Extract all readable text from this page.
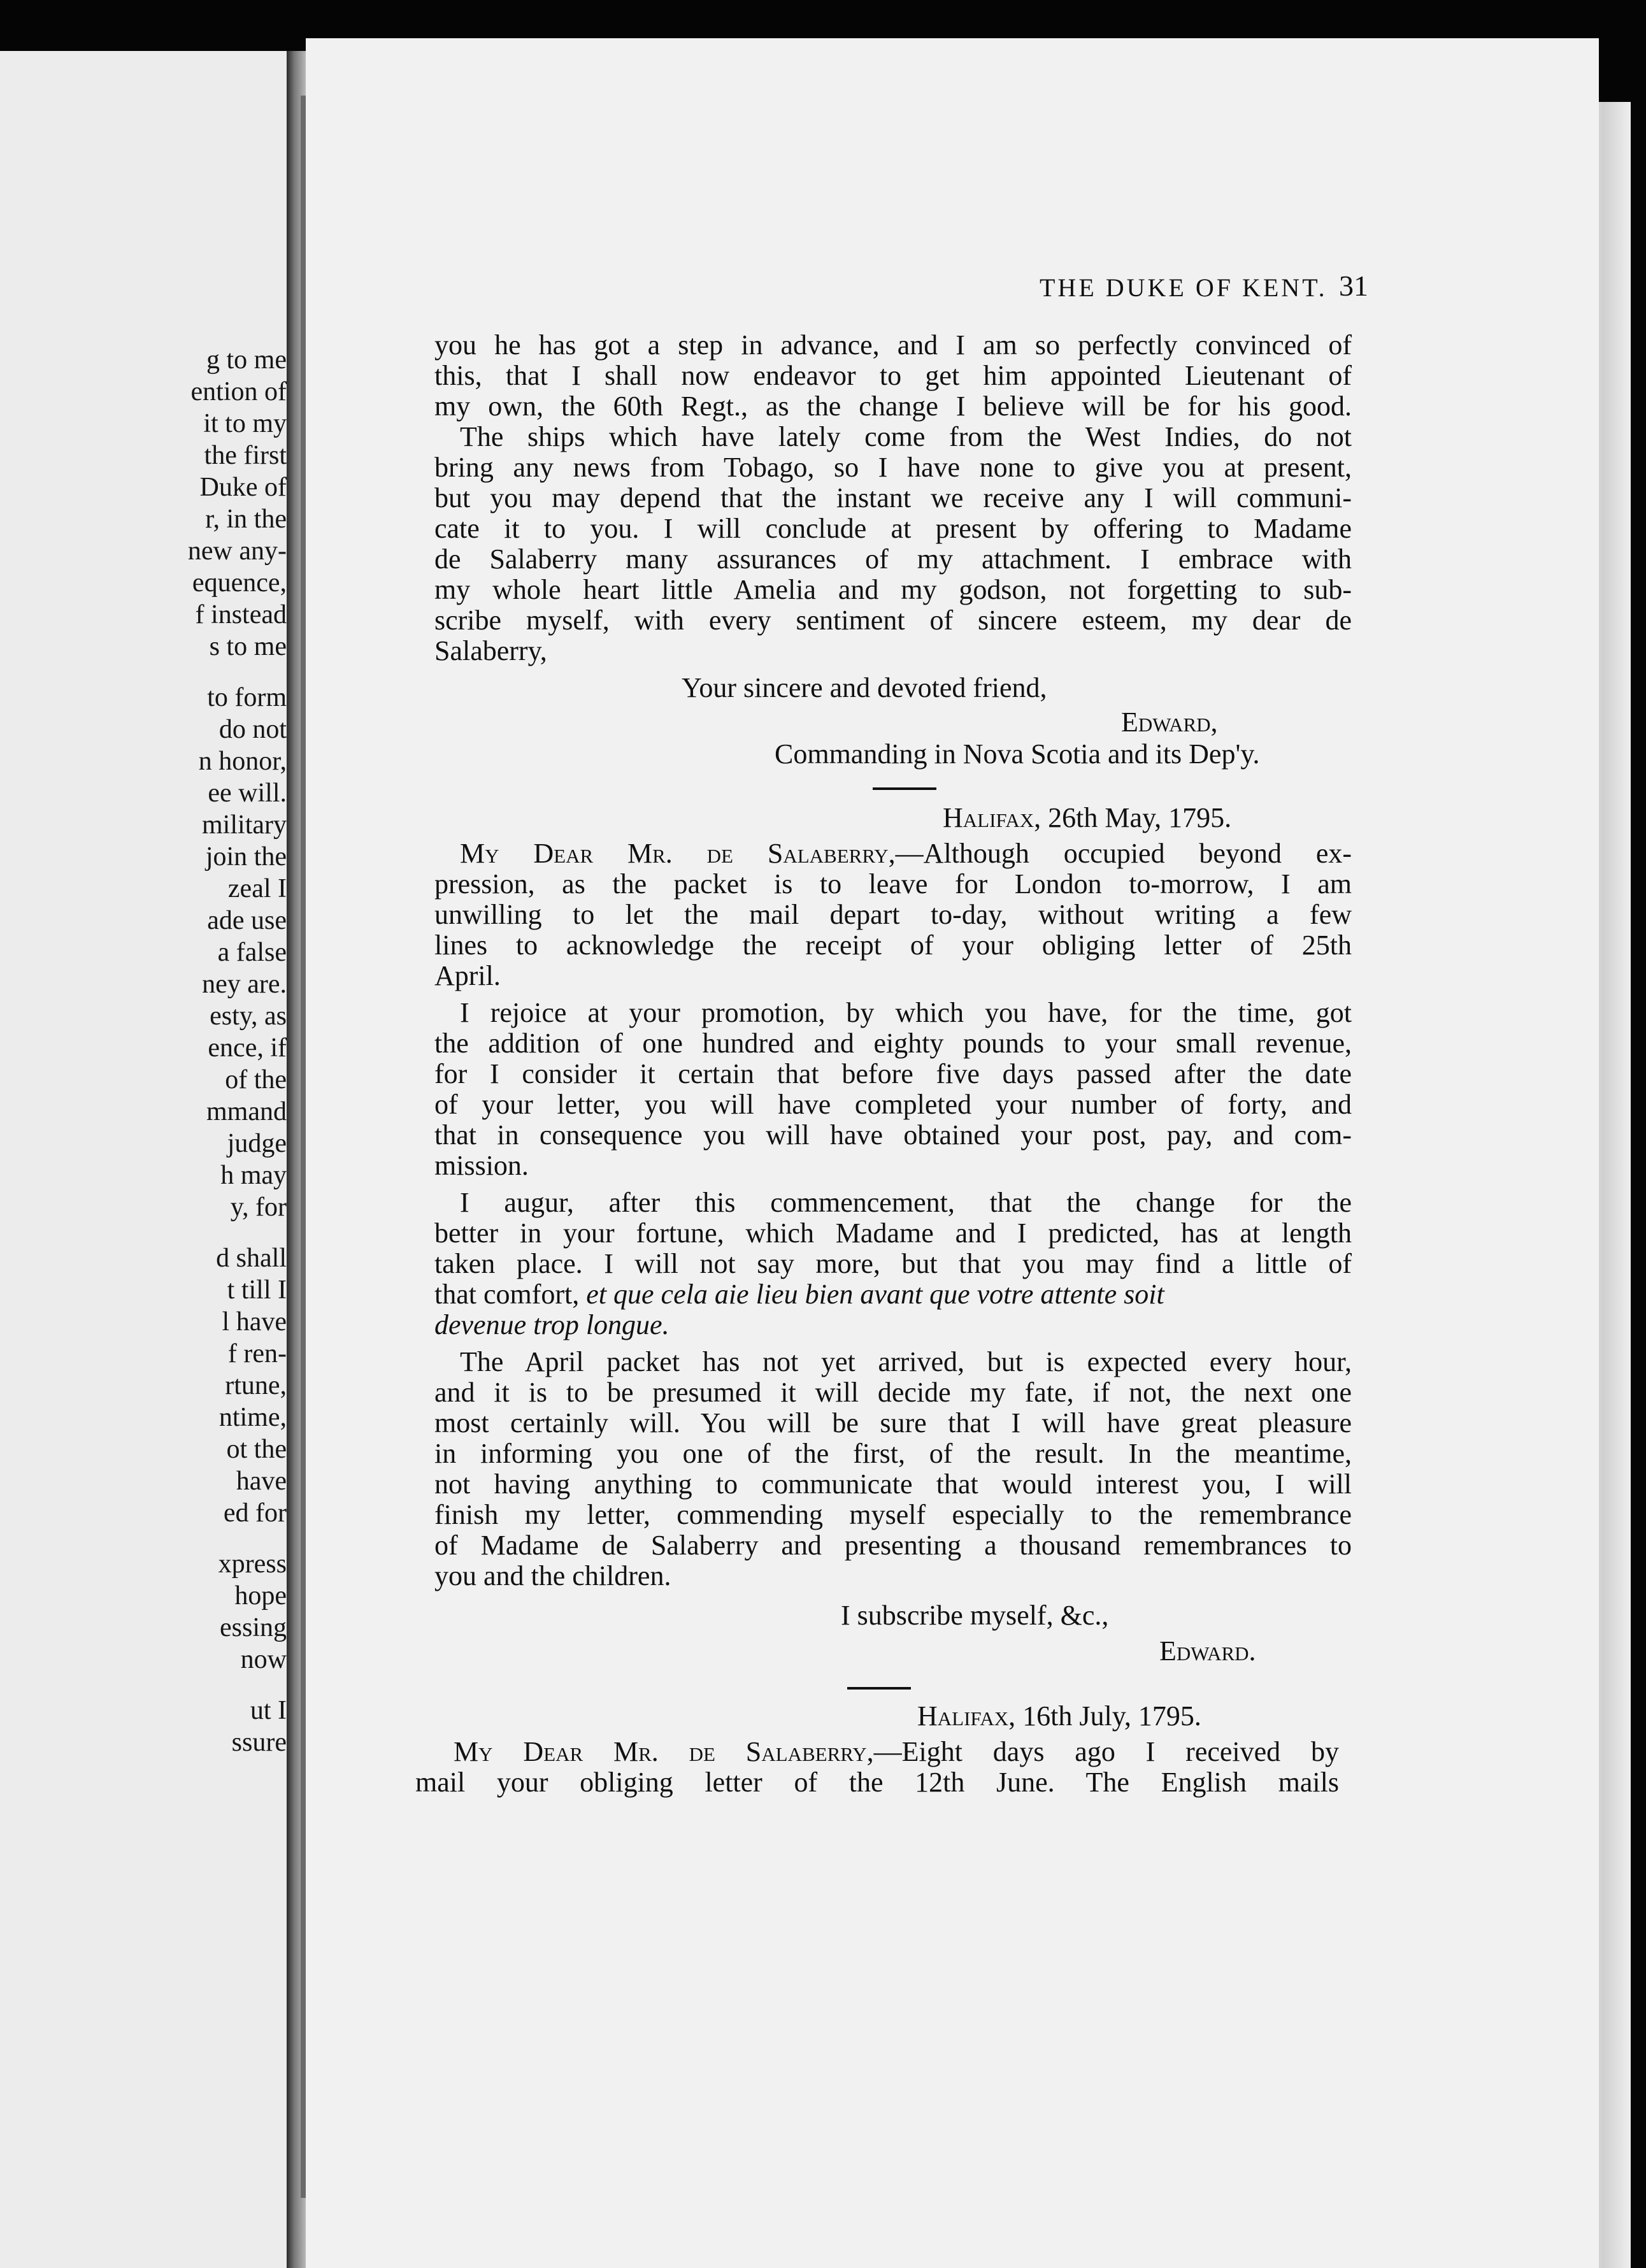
g to me
ention of
it to my
the first
Duke of
r, in the
new any-
equence,
f instead
s to me
to form
do not
n honor,
ee will.
military
join the
zeal I
ade use
a false
ney are.
esty, as
ence, if
of the
mmand
judge
h may
y, for
d shall
t till I
l have
f ren-
rtune,
ntime,
ot the
have
ed for
xpress
hope
essing
now
ut I
ssure
THE DUKE OF KENT. 31
you he has got a step in advance, and I am so perfectly convinced of
this, that I shall now endeavor to get him appointed Lieutenant of
my own, the 60th Regt., as the change I believe will be for his good.
The ships which have lately come from the West Indies, do not
bring any news from Tobago, so I have none to give you at present,
but you may depend that the instant we receive any I will communi-
cate it to you. I will conclude at present by offering to Madame
de Salaberry many assurances of my attachment. I embrace with
my whole heart little Amelia and my godson, not forgetting to sub-
scribe myself, with every sentiment of sincere esteem, my dear de
Salaberry,
Your sincere and devoted friend,
Edward,
Commanding in Nova Scotia and its Dep'y.
Halifax, 26th May, 1795.
My Dear Mr. de Salaberry,—Although occupied beyond ex-
pression, as the packet is to leave for London to-morrow, I am
unwilling to let the mail depart to-day, without writing a few
lines to acknowledge the receipt of your obliging letter of 25th
April.
I rejoice at your promotion, by which you have, for the time, got
the addition of one hundred and eighty pounds to your small revenue,
for I consider it certain that before five days passed after the date
of your letter, you will have completed your number of forty, and
that in consequence you will have obtained your post, pay, and com-
mission.
I augur, after this commencement, that the change for the
better in your fortune, which Madame and I predicted, has at length
taken place. I will not say more, but that you may find a little of
that comfort, et que cela aie lieu bien avant que votre attente soit
devenue trop longue.
The April packet has not yet arrived, but is expected every hour,
and it is to be presumed it will decide my fate, if not, the next one
most certainly will. You will be sure that I will have great pleasure
in informing you one of the first, of the result. In the meantime,
not having anything to communicate that would interest you, I will
finish my letter, commending myself especially to the remembrance
of Madame de Salaberry and presenting a thousand remembrances to
you and the children.
I subscribe myself, &c.,
Edward.
Halifax, 16th July, 1795.
My Dear Mr. de Salaberry,—Eight days ago I received by
mail your obliging letter of the 12th June. The English mails
